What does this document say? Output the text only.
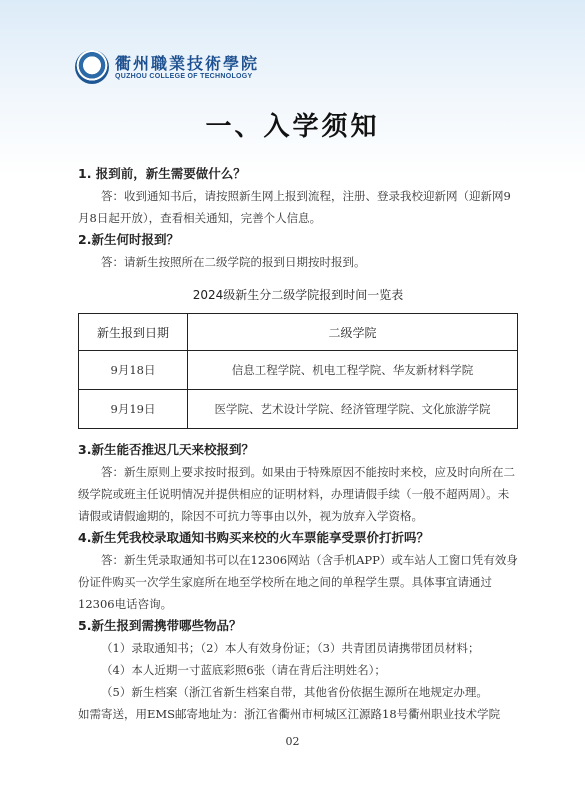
衢州職業技術學院
QUZHOU COLLEGE OF TECHNOLOGY
一、入学须知

1. 报到前，新生需要做什么？

答：收到通知书后，请按照新生网上报到流程，注册、登录我校迎新网（迎新网9月8日起开放），查看相关通知，完善个人信息。

2.新生何时报到？

答：请新生按照所在二级学院的报到日期按时报到。

2024级新生分二级学院报到时间一览表
新生报到日期	二级学院
9月18日	信息工程学院、机电工程学院、华友新材料学院
9月19日	医学院、艺术设计学院、经济管理学院、文化旅游学院

3.新生能否推迟几天来校报到？

答：新生原则上要求按时报到。如果由于特殊原因不能按时来校，应及时向所在二级学院或班主任说明情况并提供相应的证明材料，办理请假手续（一般不超两周）。未请假或请假逾期的，除因不可抗力等事由以外，视为放弃入学资格。

4.新生凭我校录取通知书购买来校的火车票能享受票价打折吗？

答：新生凭录取通知书可以在12306网站（含手机APP）或车站人工窗口凭有效身份证件购买一次学生家庭所在地至学校所在地之间的单程学生票。具体事宜请通过12306电话咨询。

5.新生报到需携带哪些物品？

（1）录取通知书；（2）本人有效身份证；（3）共青团员请携带团员材料；

（4）本人近期一寸蓝底彩照6张（请在背后注明姓名）；

（5）新生档案（浙江省新生档案自带，其他省份依据生源所在地规定办理。

如需寄送，用EMS邮寄地址为：浙江省衢州市柯城区江源路18号衢州职业技术学院

02
